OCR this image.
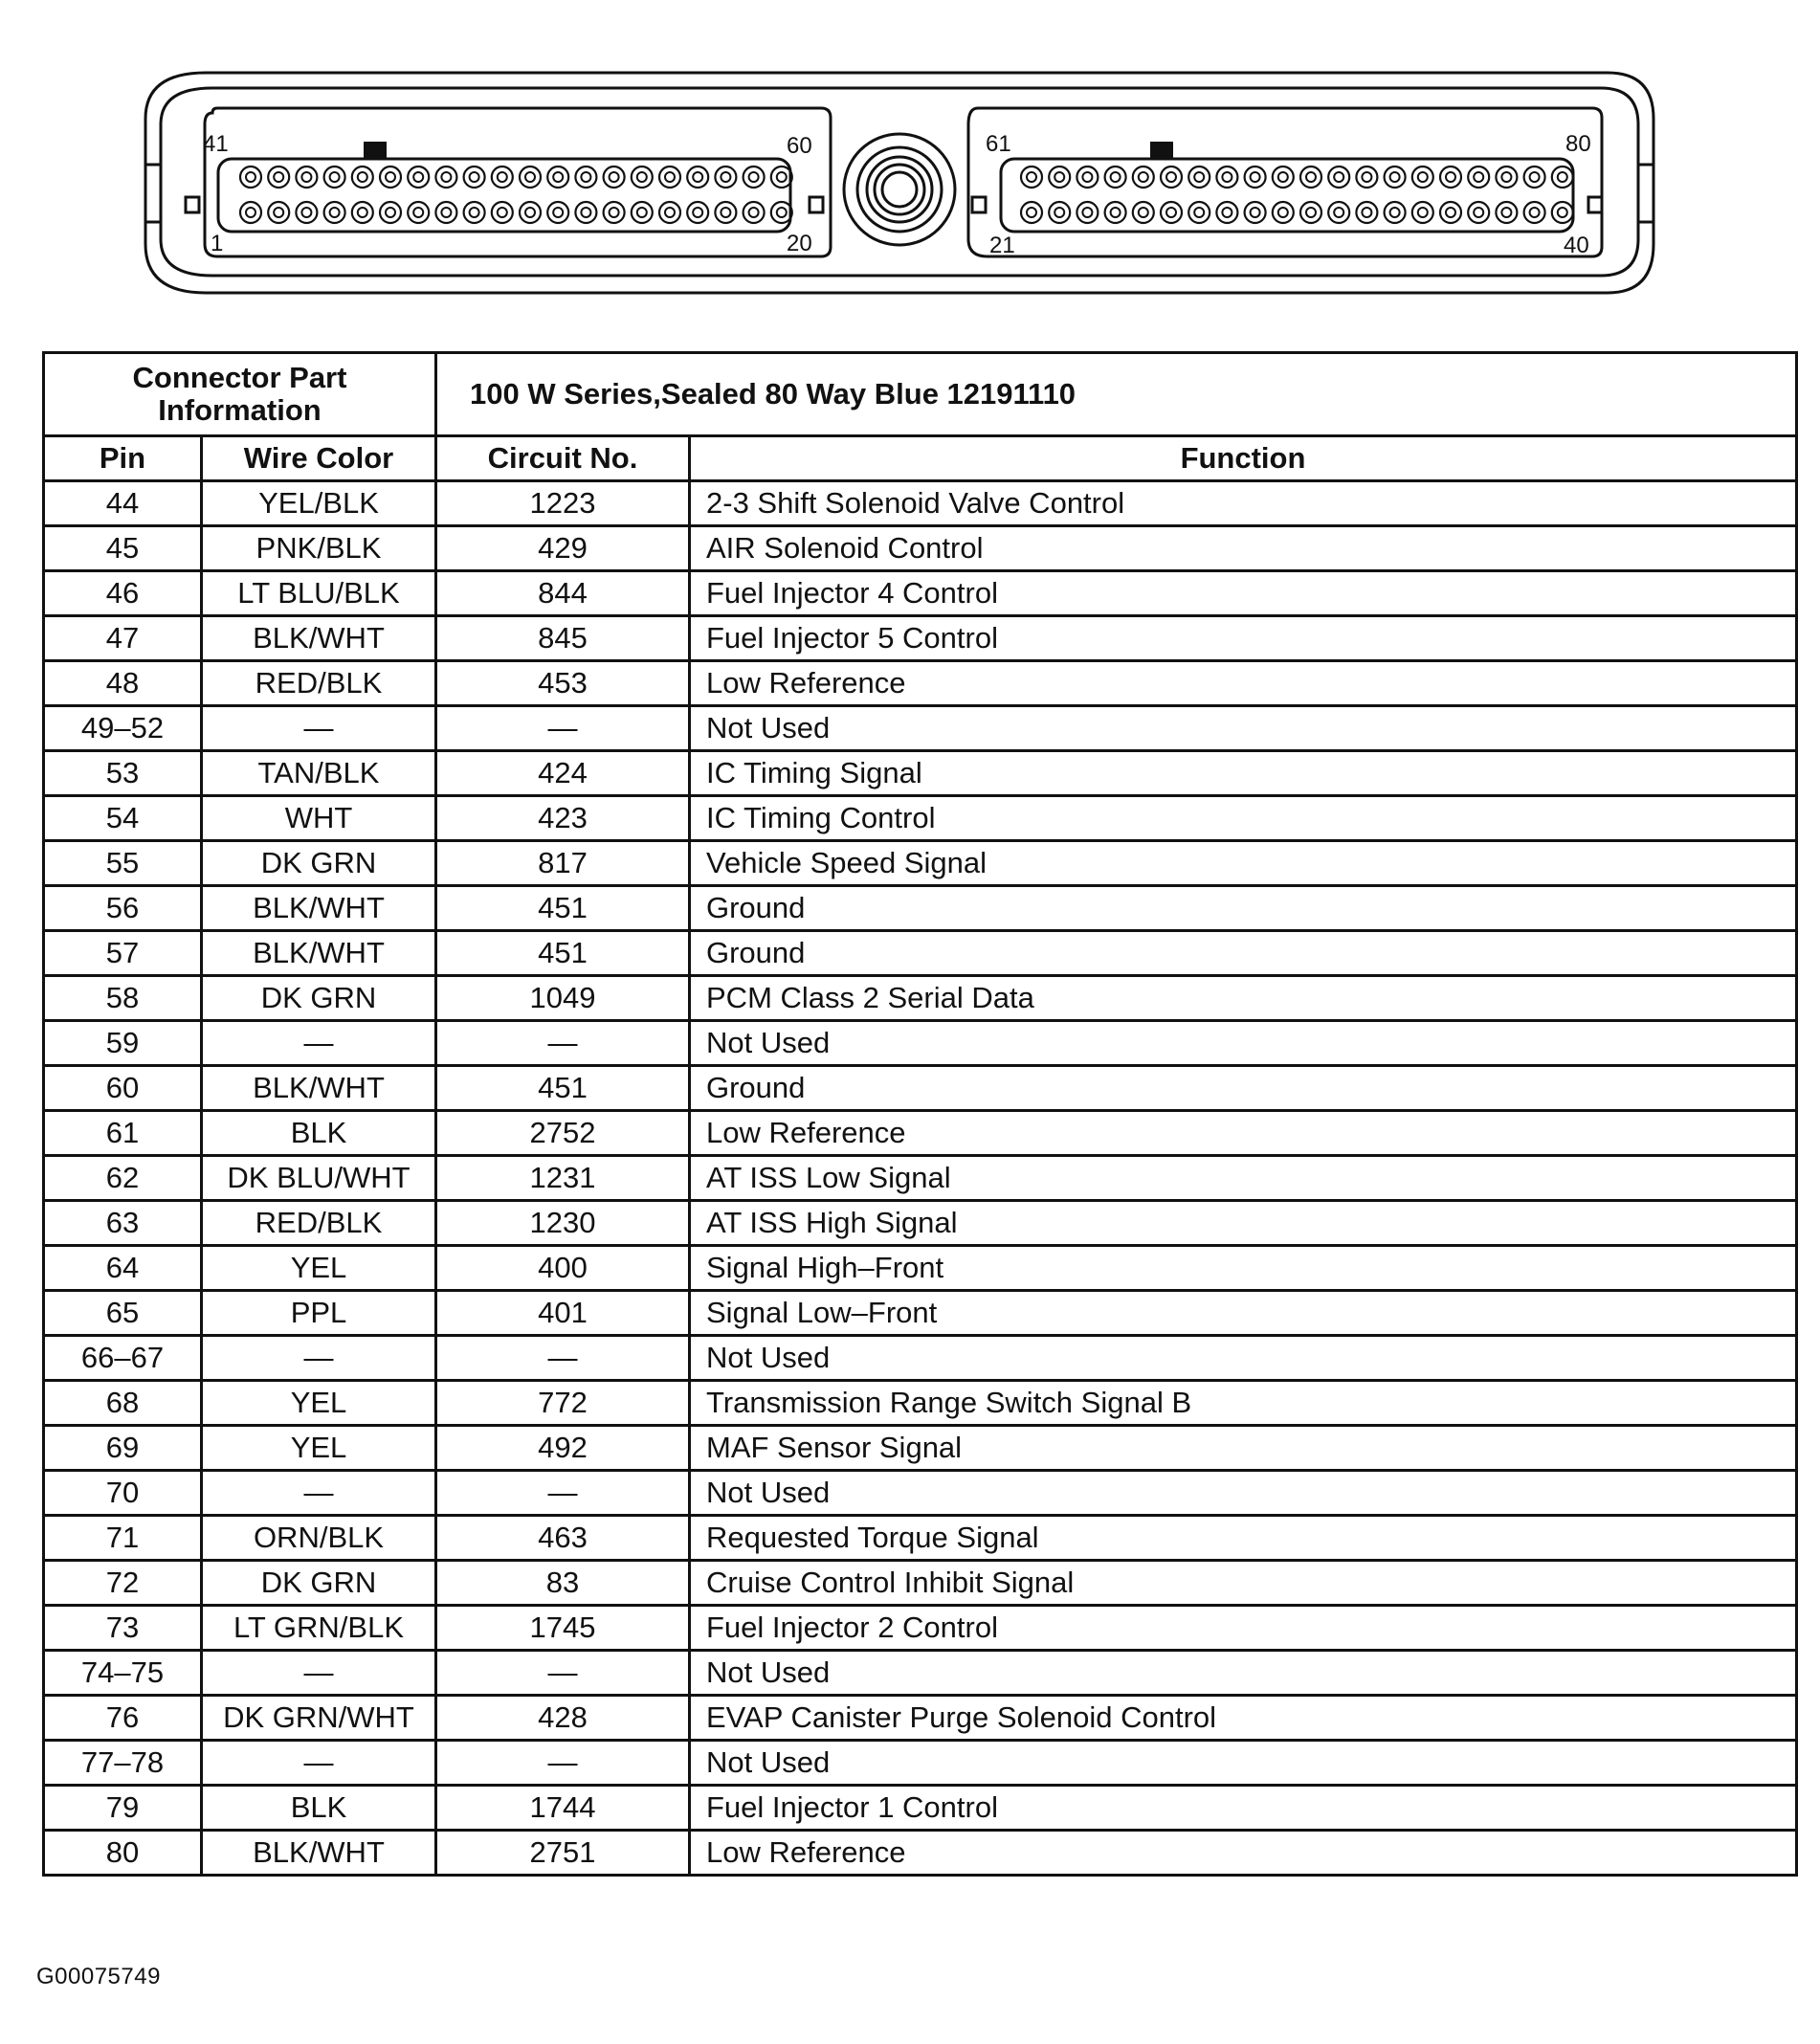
41	60
1	20
61	80
21	40
Connector Part Information		100 W Series,Sealed 80 Way Blue 12191110	
Pin	Wire Color	Circuit No.	Function
44	YEL/BLK	1223	2-3 Shift Solenoid Valve Control
45	PNK/BLK	429	AIR Solenoid Control
46	LT BLU/BLK	844	Fuel Injector 4 Control
47	BLK/WHT	845	Fuel Injector 5 Control
48	RED/BLK	453	Low Reference
49–52	—	—	Not Used
53	TAN/BLK	424	IC Timing Signal
54	WHT	423	IC Timing Control
55	DK GRN	817	Vehicle Speed Signal
56	BLK/WHT	451	Ground
57	BLK/WHT	451	Ground
58	DK GRN	1049	PCM Class 2 Serial Data
59	—	—	Not Used
60	BLK/WHT	451	Ground
61	BLK	2752	Low Reference
62	DK BLU/WHT	1231	AT ISS Low Signal
63	RED/BLK	1230	AT ISS High Signal
64	YEL	400	Signal High–Front
65	PPL	401	Signal Low–Front
66–67	—	—	Not Used
68	YEL	772	Transmission Range Switch Signal B
69	YEL	492	MAF Sensor Signal
70	—	—	Not Used
71	ORN/BLK	463	Requested Torque Signal
72	DK GRN	83	Cruise Control Inhibit Signal
73	LT GRN/BLK	1745	Fuel Injector 2 Control
74–75	—	—	Not Used
76	DK GRN/WHT	428	EVAP Canister Purge Solenoid Control
77–78	—	—	Not Used
79	BLK	1744	Fuel Injector 1 Control
80	BLK/WHT	2751	Low Reference
G00075749
